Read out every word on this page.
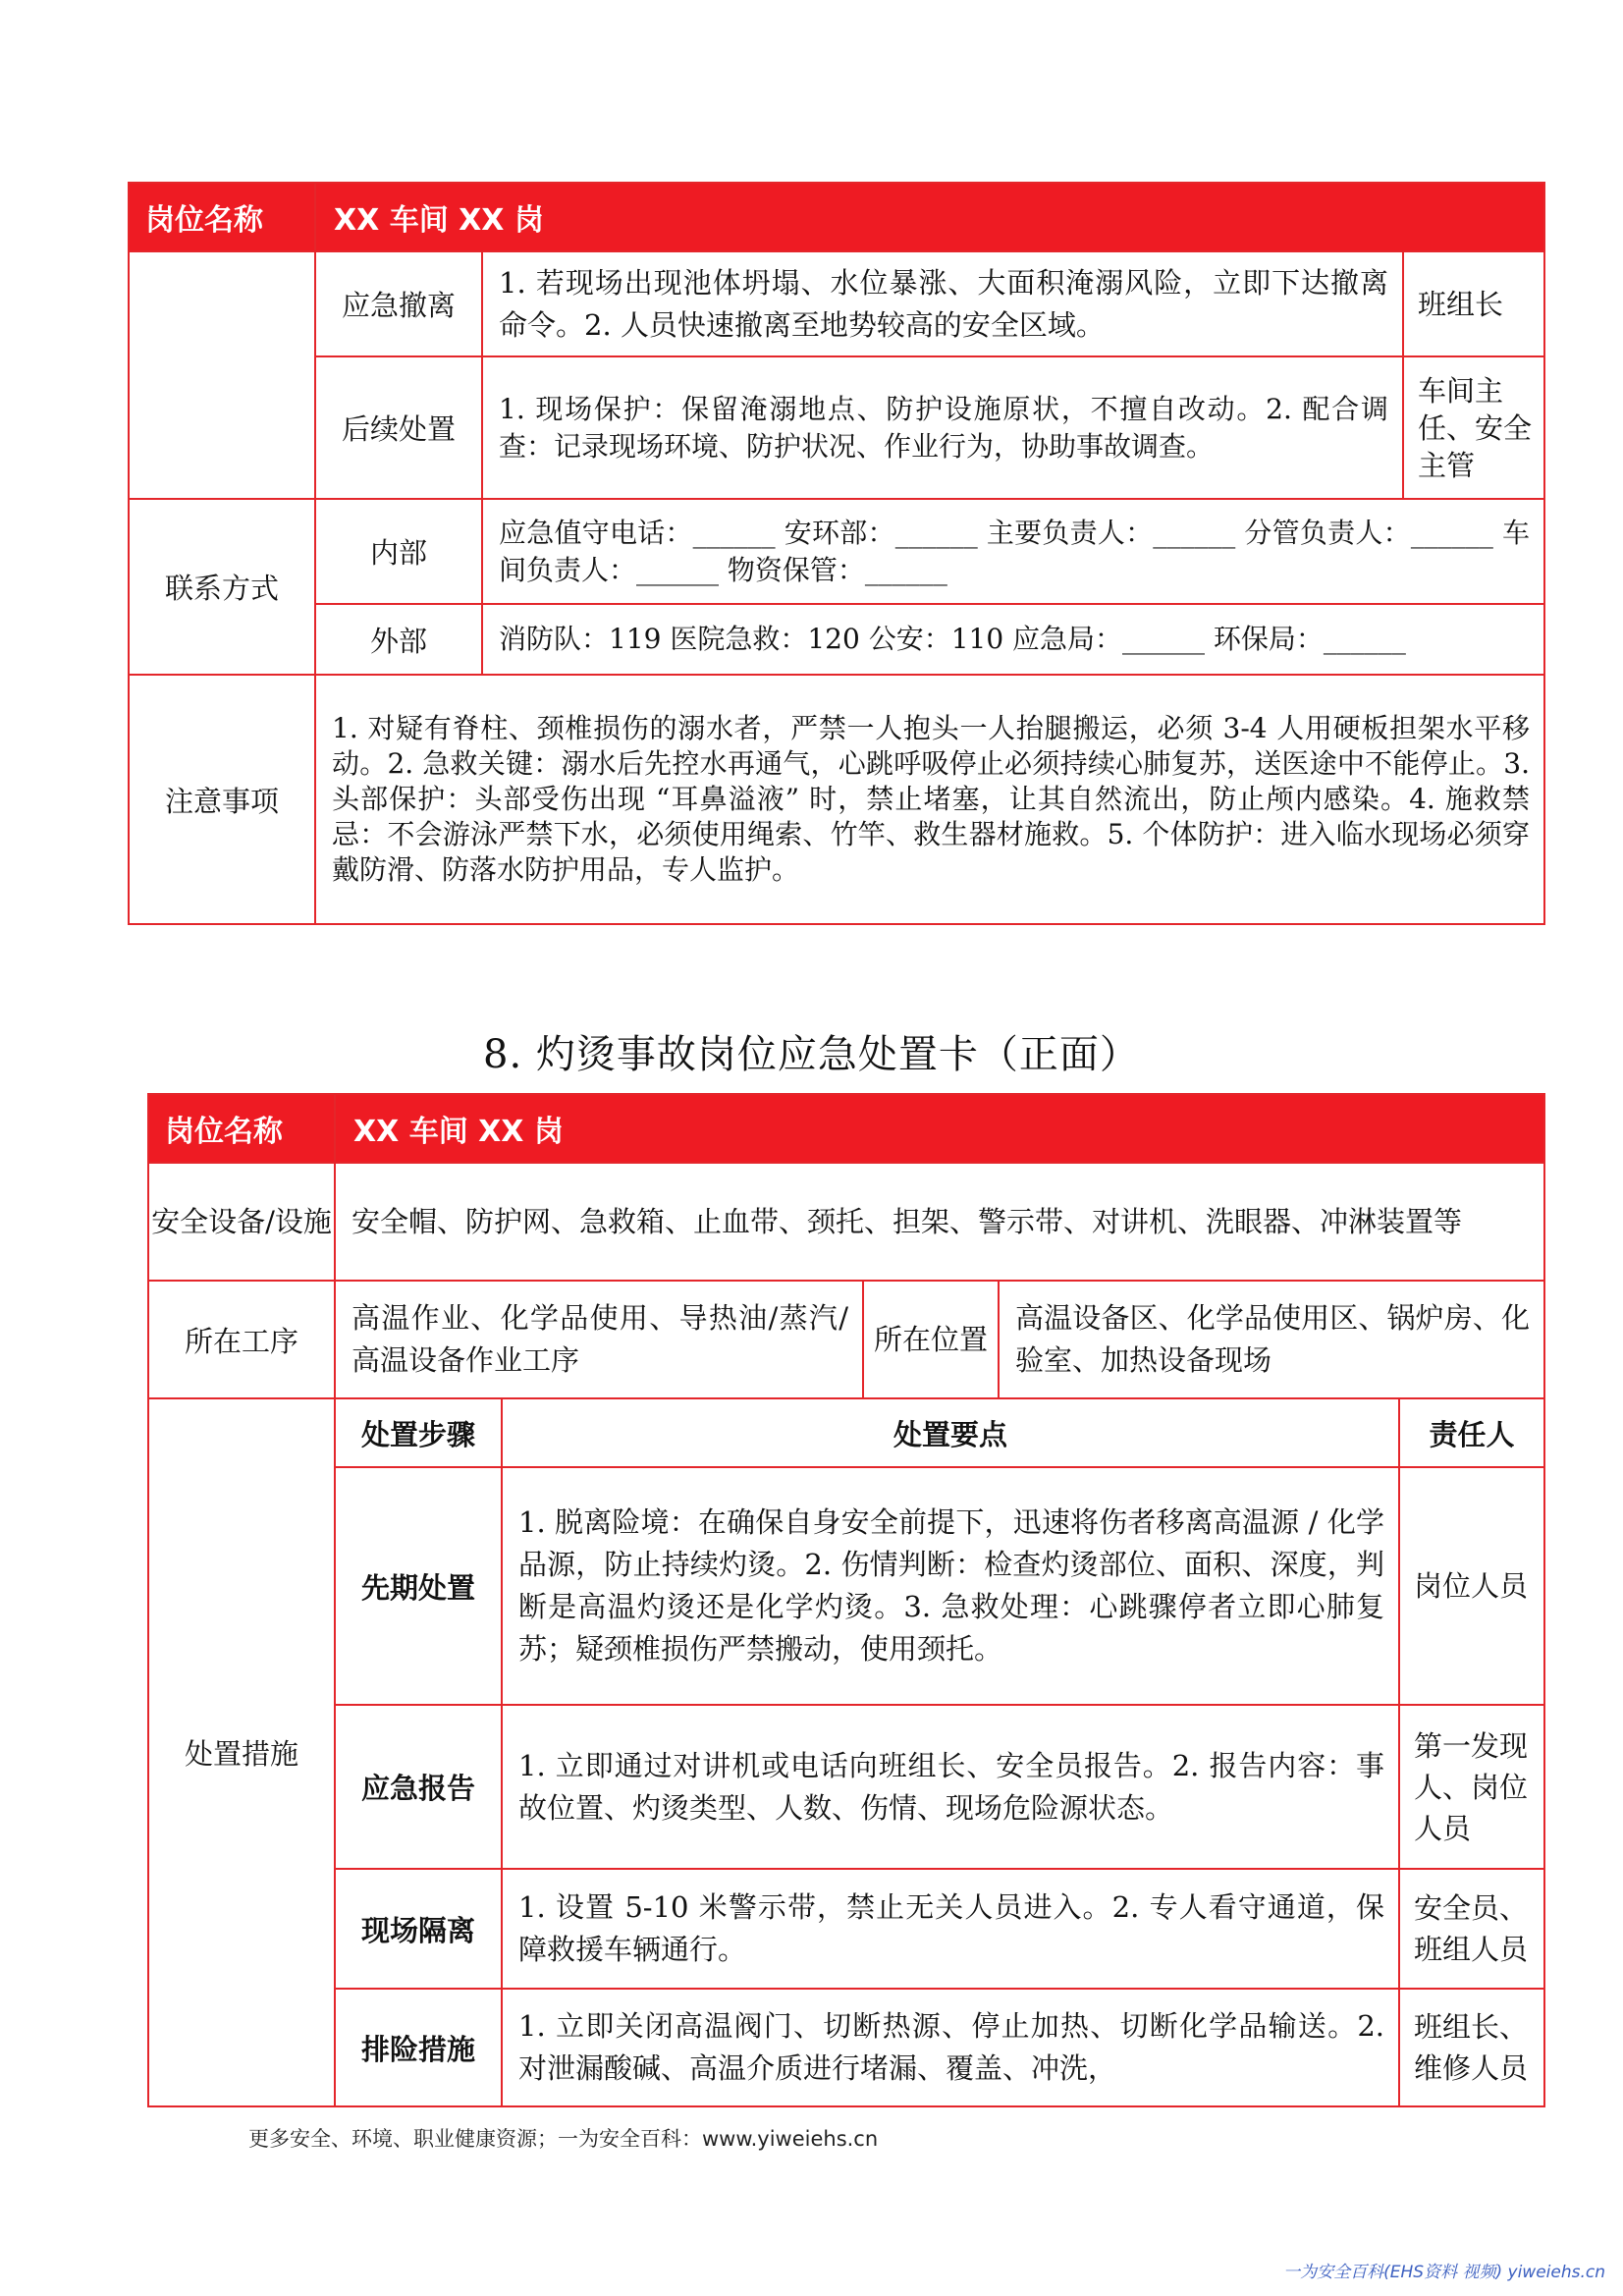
岗位名称	XX 车间 XX 岗		
	应急撤离	1. 若现场出现池体坍塌、水位暴涨、大面积淹溺风险，立即下达撤离命令。2. 人员快速撤离至地势较高的安全区域。	班组长
	后续处置	1. 现场保护：保留淹溺地点、防护设施原状，不擅自改动。2. 配合调查：记录现场环境、防护状况、作业行为，协助事故调查。	车间主任、安全主管
联系方式	内部	应急值守电话：______ 安环部：______ 主要负责人：______ 分管负责人：______ 车间负责人：______ 物资保管：______	
	外部	消防队：119 医院急救：120 公安：110 应急局：______ 环保局：______	
注意事项	1. 对疑有脊柱、颈椎损伤的溺水者，严禁一人抱头一人抬腿搬运，必须 3-4 人用硬板担架水平移动。2. 急救关键：溺水后先控水再通气，心跳呼吸停止必须持续心肺复苏，送医途中不能停止。3. 头部保护：头部受伤出现 “耳鼻溢液” 时，禁止堵塞，让其自然流出，防止颅内感染。4. 施救禁忌：不会游泳严禁下水，必须使用绳索、竹竿、救生器材施救。5. 个体防护：进入临水现场必须穿戴防滑、防落水防护用品，专人监护。		
8. 灼烫事故岗位应急处置卡（正面）
岗位名称	XX 车间 XX 岗				
安全设备/设施	安全帽、防护网、急救箱、止血带、颈托、担架、警示带、对讲机、洗眼器、冲淋装置等				
所在工序	高温作业、化学品使用、导热油/蒸汽/高温设备作业工序		所在位置	高温设备区、化学品使用区、锅炉房、化验室、加热设备现场	
处置措施	处置步骤	处置要点			责任人
	先期处置	1. 脱离险境：在确保自身安全前提下，迅速将伤者移离高温源 / 化学品源，防止持续灼烫。2. 伤情判断：检查灼烫部位、面积、深度，判断是高温灼烫还是化学灼烫。3. 急救处理：心跳骤停者立即心肺复苏；疑颈椎损伤严禁搬动，使用颈托。			岗位人员
	应急报告	1. 立即通过对讲机或电话向班组长、安全员报告。2. 报告内容：事故位置、灼烫类型、人数、伤情、现场危险源状态。			第一发现人、岗位人员
	现场隔离	1. 设置 5-10 米警示带，禁止无关人员进入。2. 专人看守通道，保障救援车辆通行。			安全员、班组人员
	排险措施	1. 立即关闭高温阀门、切断热源、停止加热、切断化学品输送。2. 对泄漏酸碱、高温介质进行堵漏、覆盖、冲洗，			班组长、维修人员
更多安全、环境、职业健康资源；一为安全百科：www.yiweiehs.cn
一为安全百科(EHS资料 视频) yiweiehs.cn
